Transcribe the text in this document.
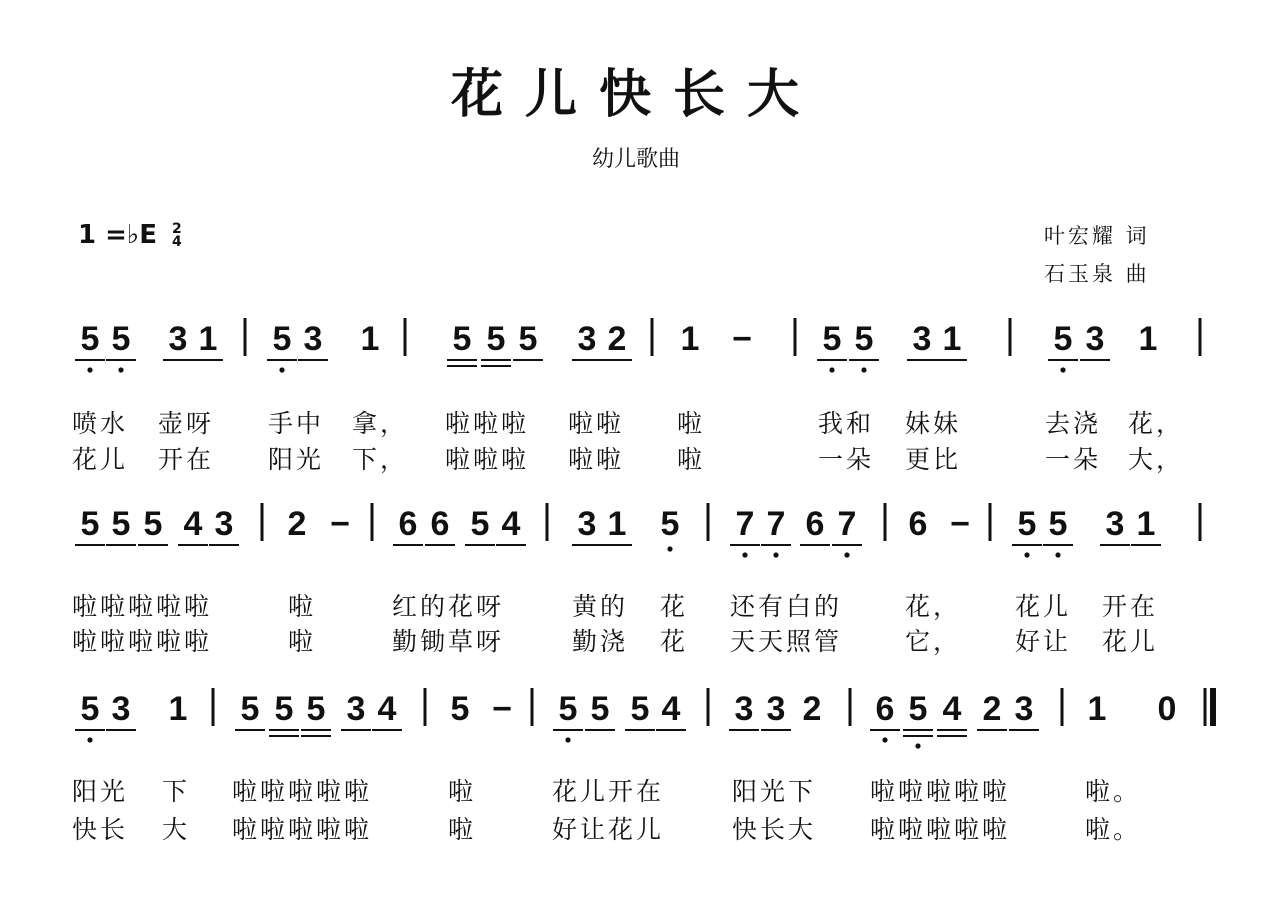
花儿快长大
幼儿歌曲
1 =♭E 2
4	叶宏耀 词
石玉泉 曲
5 5 3 1 5 3 1 5 5 5 3 2 1 − 5 5 3 1	5 3 1
喷水 壶呀 手中 拿， 啦啦啦 啦啦 啦	我和 妹妹	去浇 花，
花儿 开在 阳光 下， 啦啦啦 啦啦 啦	一朵 更比	一朵 大，
5 5 5 4 3 2 − 6 6 5 4 3 1 5 7 7 6 7 6 − 5 5 3 1
啦啦啦啦啦	啦	红的花呀	黄的 花 还有白的	花， 花儿 开在
啦啦啦啦啦	啦	勤锄草呀	勤浇 花 天天照管	它， 好让 花儿
5 3 1 5 5 5 3 4 5 − 5 5 5 4 3 3 2 6 5 4 2 3 1 0
阳光 下 啦啦啦啦啦	啦	花儿开在	阳光下 啦啦啦啦啦	啦。
快长 大 啦啦啦啦啦	啦	好让花儿	快长大 啦啦啦啦啦	啦。
